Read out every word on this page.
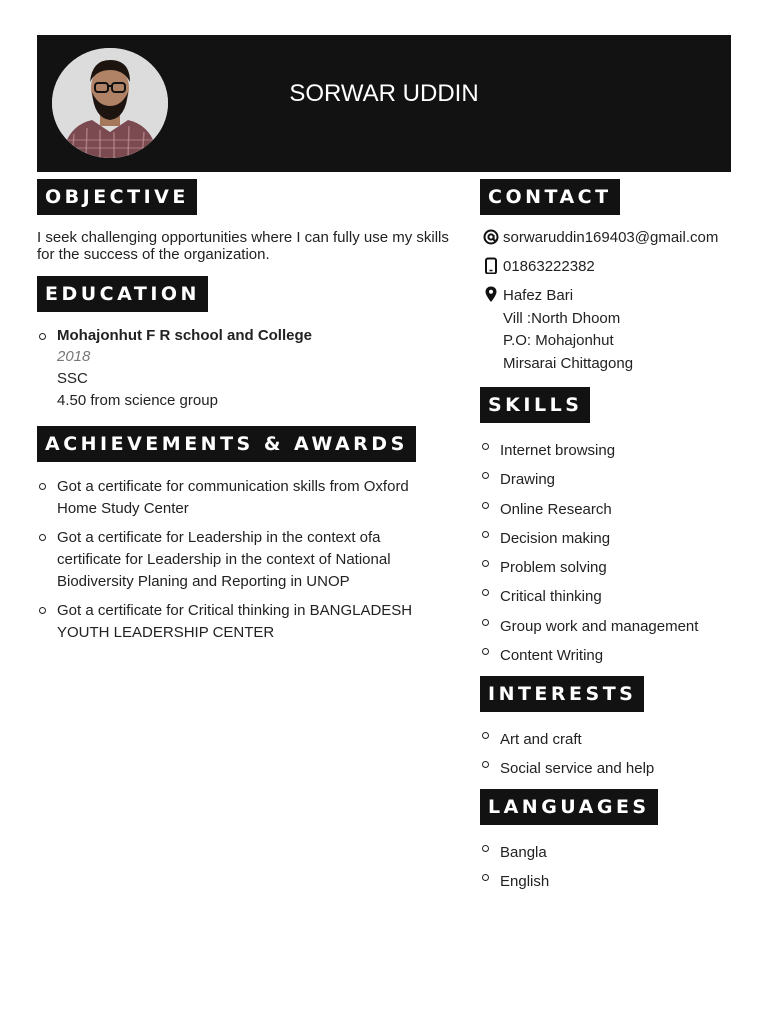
SORWAR UDDIN
OBJECTIVE
I seek challenging opportunities where I can fully use my skills for the success of the organization.
EDUCATION
Mohajonhut F R school and College
2018
SSC
4.50 from science group
ACHIEVEMENTS & AWARDS
Got a certificate for communication skills from Oxford Home Study Center
Got a certificate for Leadership in the context ofa certificate for Leadership in the context of National Biodiversity Planing and Reporting in UNOP
Got a certificate for Critical thinking in BANGLADESH YOUTH LEADERSHIP CENTER
CONTACT
sorwaruddin169403@gmail.com
01863222382
Hafez Bari
Vill :North Dhoom
P.O: Mohajonhut
Mirsarai Chittagong
SKILLS
Internet browsing
Drawing
Online Research
Decision making
Problem solving
Critical thinking
Group work and management
Content Writing
INTERESTS
Art and craft
Social service and help
LANGUAGES
Bangla
English
